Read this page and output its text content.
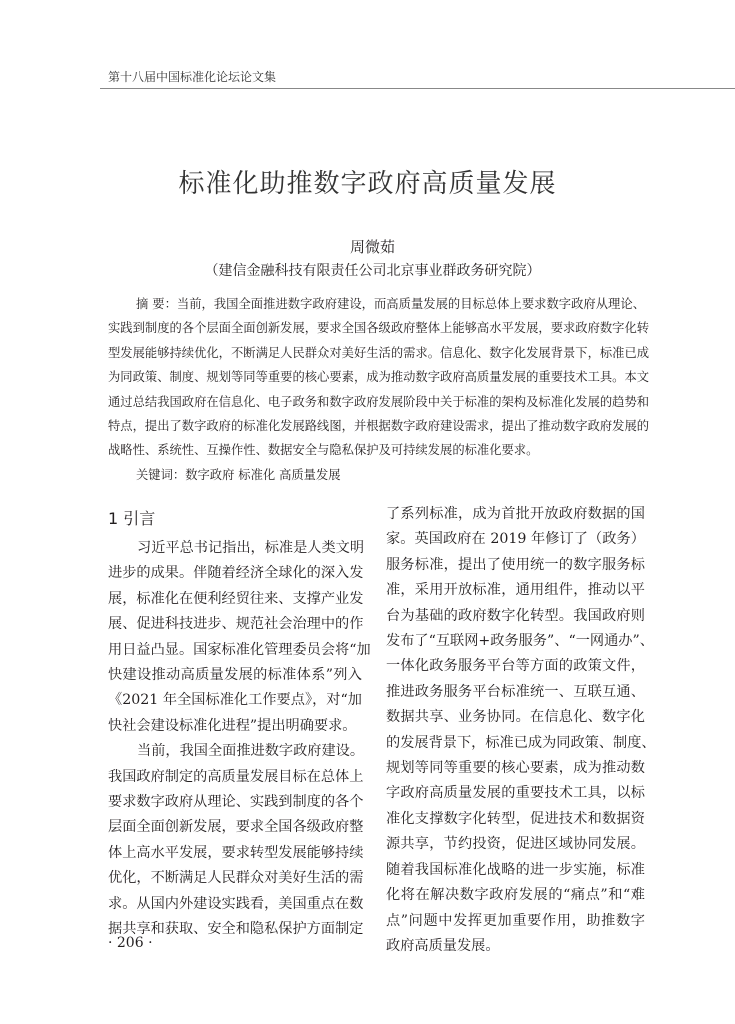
第十八届中国标准化论坛论文集
标准化助推数字政府高质量发展
周微茹
（建信金融科技有限责任公司北京事业群政务研究院）
摘 要：当前，我国全面推进数字政府建设，而高质量发展的目标总体上要求数字政府从理论、
实践到制度的各个层面全面创新发展，要求全国各级政府整体上能够高水平发展，要求政府数字化转
型发展能够持续优化，不断满足人民群众对美好生活的需求。信息化、数字化发展背景下，标准已成
为同政策、制度、规划等同等重要的核心要素，成为推动数字政府高质量发展的重要技术工具。本文
通过总结我国政府在信息化、电子政务和数字政府发展阶段中关于标准的架构及标准化发展的趋势和
特点，提出了数字政府的标准化发展路线图，并根据数字政府建设需求，提出了推动数字政府发展的
战略性、系统性、互操作性、数据安全与隐私保护及可持续发展的标准化要求。
关键词：数字政府 标准化 高质量发展
1 引言
习近平总书记指出，标准是人类文明
进步的成果。伴随着经济全球化的深入发
展，标准化在便利经贸往来、支撑产业发
展、促进科技进步、规范社会治理中的作
用日益凸显。国家标准化管理委员会将“加
快建设推动高质量发展的标准体系”列入
《2021 年全国标准化工作要点》，对“加
快社会建设标准化进程”提出明确要求。
当前，我国全面推进数字政府建设。
我国政府制定的高质量发展目标在总体上
要求数字政府从理论、实践到制度的各个
层面全面创新发展，要求全国各级政府整
体上高水平发展，要求转型发展能够持续
优化，不断满足人民群众对美好生活的需
求。从国内外建设实践看，美国重点在数
据共享和获取、安全和隐私保护方面制定
了系列标准，成为首批开放政府数据的国
家。英国政府在 2019 年修订了（政务）
服务标准，提出了使用统一的数字服务标
准，采用开放标准，通用组件，推动以平
台为基础的政府数字化转型。我国政府则
发布了“互联网+政务服务”、“一网通办”、
一体化政务服务平台等方面的政策文件，
推进政务服务平台标准统一、互联互通、
数据共享、业务协同。在信息化、数字化
的发展背景下，标准已成为同政策、制度、
规划等同等重要的核心要素，成为推动数
字政府高质量发展的重要技术工具，以标
准化支撑数字化转型，促进技术和数据资
源共享，节约投资，促进区域协同发展。
随着我国标准化战略的进一步实施，标准
化将在解决数字政府发展的“痛点”和“难
点”问题中发挥更加重要作用，助推数字
政府高质量发展。
· 206 ·
